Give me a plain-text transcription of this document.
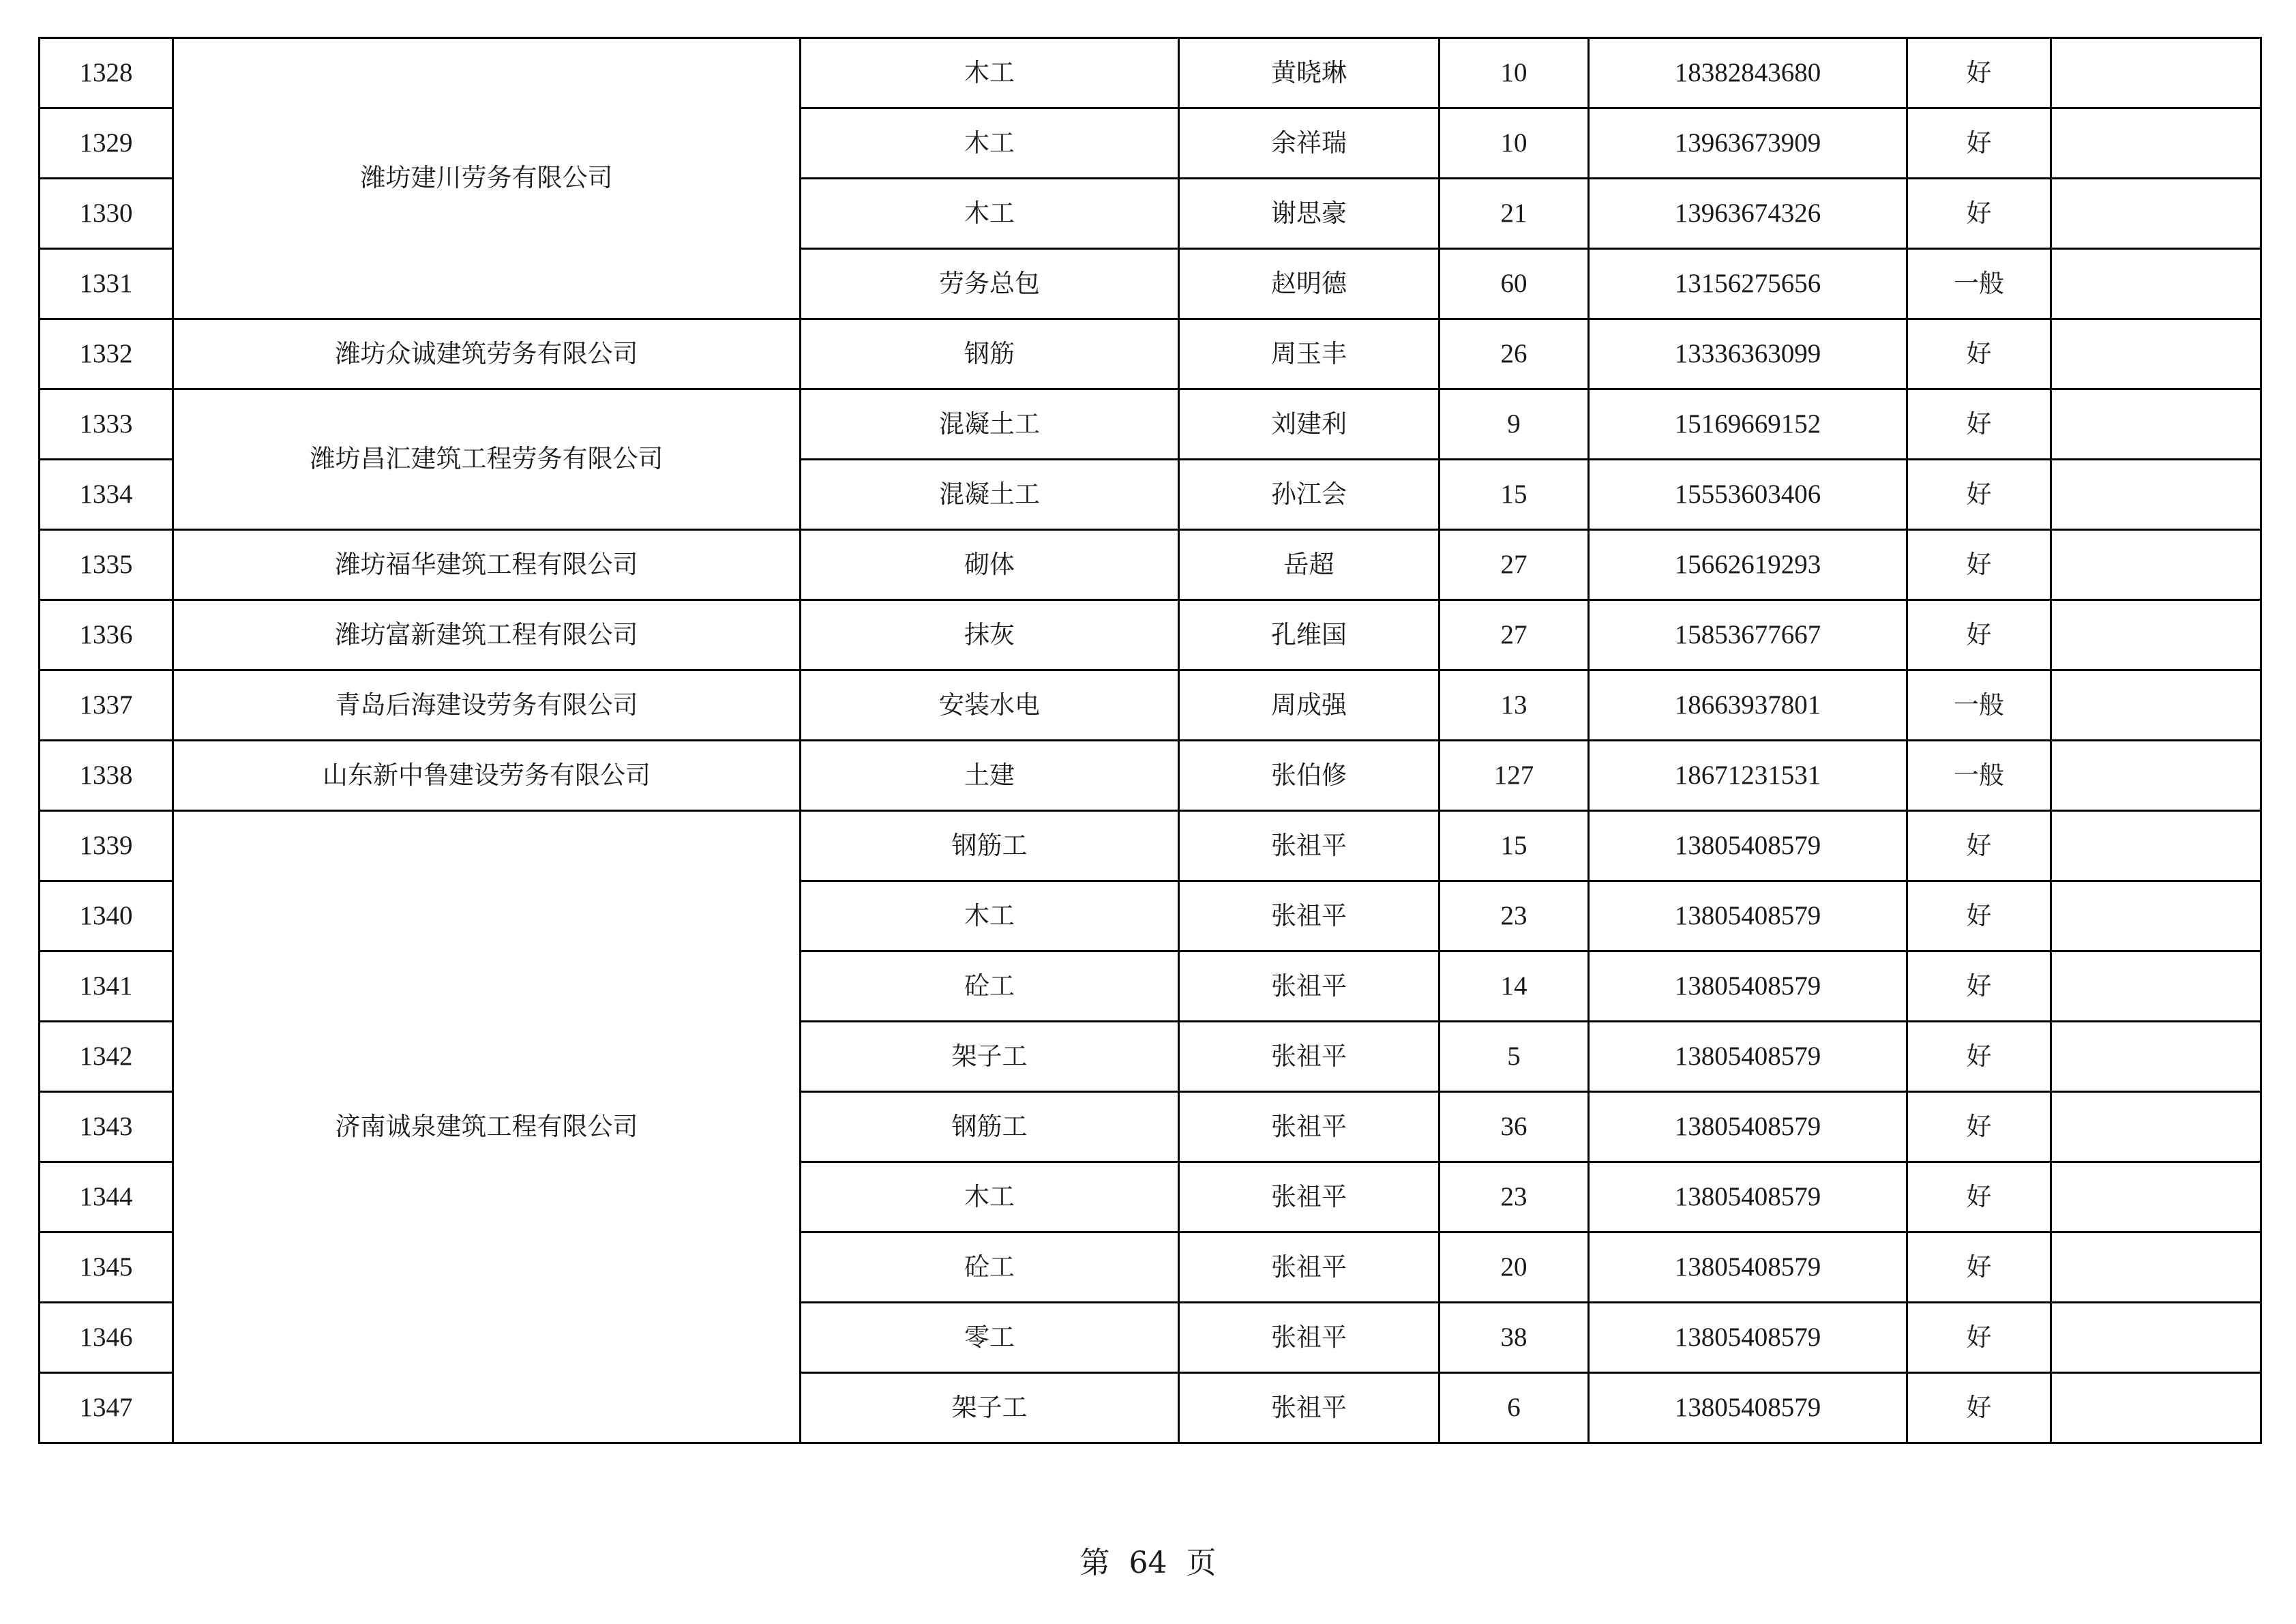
1328	潍坊建川劳务有限公司	木工	黄晓琳	10	18382843680	好	
1329		木工	余祥瑞	10	13963673909	好	
1330		木工	谢思豪	21	13963674326	好	
1331		劳务总包	赵明德	60	13156275656	一般	
1332	潍坊众诚建筑劳务有限公司	钢筋	周玉丰	26	13336363099	好	
1333	潍坊昌汇建筑工程劳务有限公司	混凝土工	刘建利	9	15169669152	好	
1334		混凝土工	孙江会	15	15553603406	好	
1335	潍坊福华建筑工程有限公司	砌体	岳超	27	15662619293	好	
1336	潍坊富新建筑工程有限公司	抹灰	孔维国	27	15853677667	好	
1337	青岛后海建设劳务有限公司	安装水电	周成强	13	18663937801	一般	
1338	山东新中鲁建设劳务有限公司	土建	张伯修	127	18671231531	一般	
1339	济南诚泉建筑工程有限公司	钢筋工	张祖平	15	13805408579	好	
1340		木工	张祖平	23	13805408579	好	
1341		砼工	张祖平	14	13805408579	好	
1342		架子工	张祖平	5	13805408579	好	
1343		钢筋工	张祖平	36	13805408579	好	
1344		木工	张祖平	23	13805408579	好	
1345		砼工	张祖平	20	13805408579	好	
1346		零工	张祖平	38	13805408579	好	
1347		架子工	张祖平	6	13805408579	好	
第 64 页
